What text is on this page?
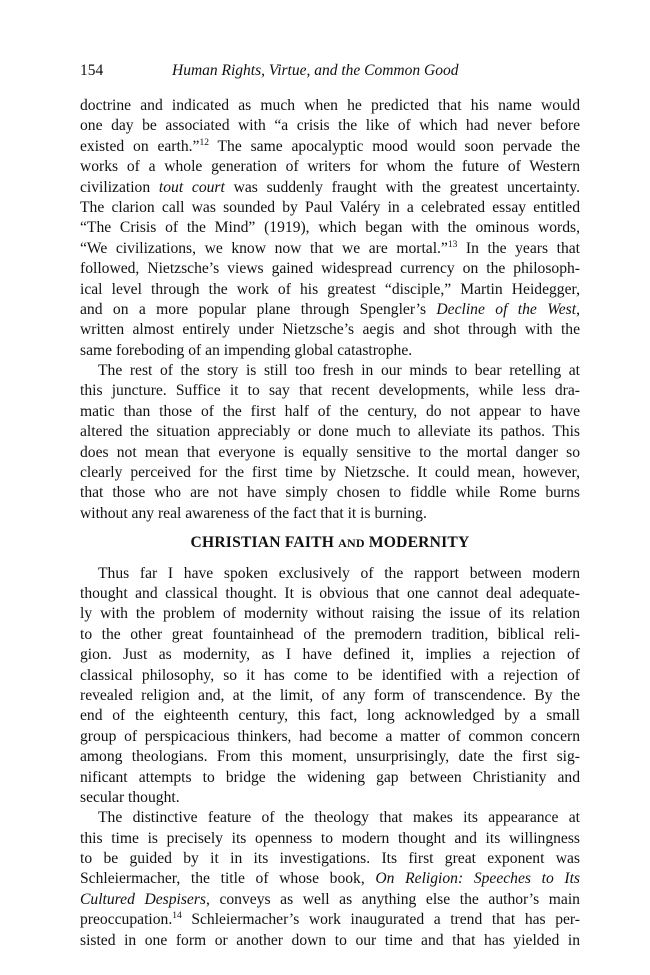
154	Human Rights, Virtue, and the Common Good
doctrine and indicated as much when he predicted that his name would
one day be associated with “a crisis the like of which had never before
existed on earth.”$^{12}$ The same apocalyptic mood would soon pervade the
works of a whole generation of writers for whom the future of Western
civilization tout court was suddenly fraught with the greatest uncertainty.
The clarion call was sounded by Paul Valéry in a celebrated essay entitled
“The Crisis of the Mind” (1919), which began with the ominous words,
“We civilizations, we know now that we are mortal.”$^{13}$ In the years that
followed, Nietzsche’s views gained widespread currency on the philosoph-
ical level through the work of his greatest “disciple,” Martin Heidegger,
and on a more popular plane through Spengler’s Decline of the West,
written almost entirely under Nietzsche’s aegis and shot through with the
same foreboding of an impending global catastrophe.
The rest of the story is still too fresh in our minds to bear retelling at
this juncture. Suffice it to say that recent developments, while less dra-
matic than those of the first half of the century, do not appear to have
altered the situation appreciably or done much to alleviate its pathos. This
does not mean that everyone is equally sensitive to the mortal danger so
clearly perceived for the first time by Nietzsche. It could mean, however,
that those who are not have simply chosen to fiddle while Rome burns
without any real awareness of the fact that it is burning.
CHRISTIAN FAITH AND MODERNITY
Thus far I have spoken exclusively of the rapport between modern
thought and classical thought. It is obvious that one cannot deal adequate-
ly with the problem of modernity without raising the issue of its relation
to the other great fountainhead of the premodern tradition, biblical reli-
gion. Just as modernity, as I have defined it, implies a rejection of
classical philosophy, so it has come to be identified with a rejection of
revealed religion and, at the limit, of any form of transcendence. By the
end of the eighteenth century, this fact, long acknowledged by a small
group of perspicacious thinkers, had become a matter of common concern
among theologians. From this moment, unsurprisingly, date the first sig-
nificant attempts to bridge the widening gap between Christianity and
secular thought.
The distinctive feature of the theology that makes its appearance at
this time is precisely its openness to modern thought and its willingness
to be guided by it in its investigations. Its first great exponent was
Schleiermacher, the title of whose book, On Religion: Speeches to Its
Cultured Despisers, conveys as well as anything else the author’s main
preoccupation.$^{14}$ Schleiermacher’s work inaugurated a trend that has per-
sisted in one form or another down to our time and that has yielded in
